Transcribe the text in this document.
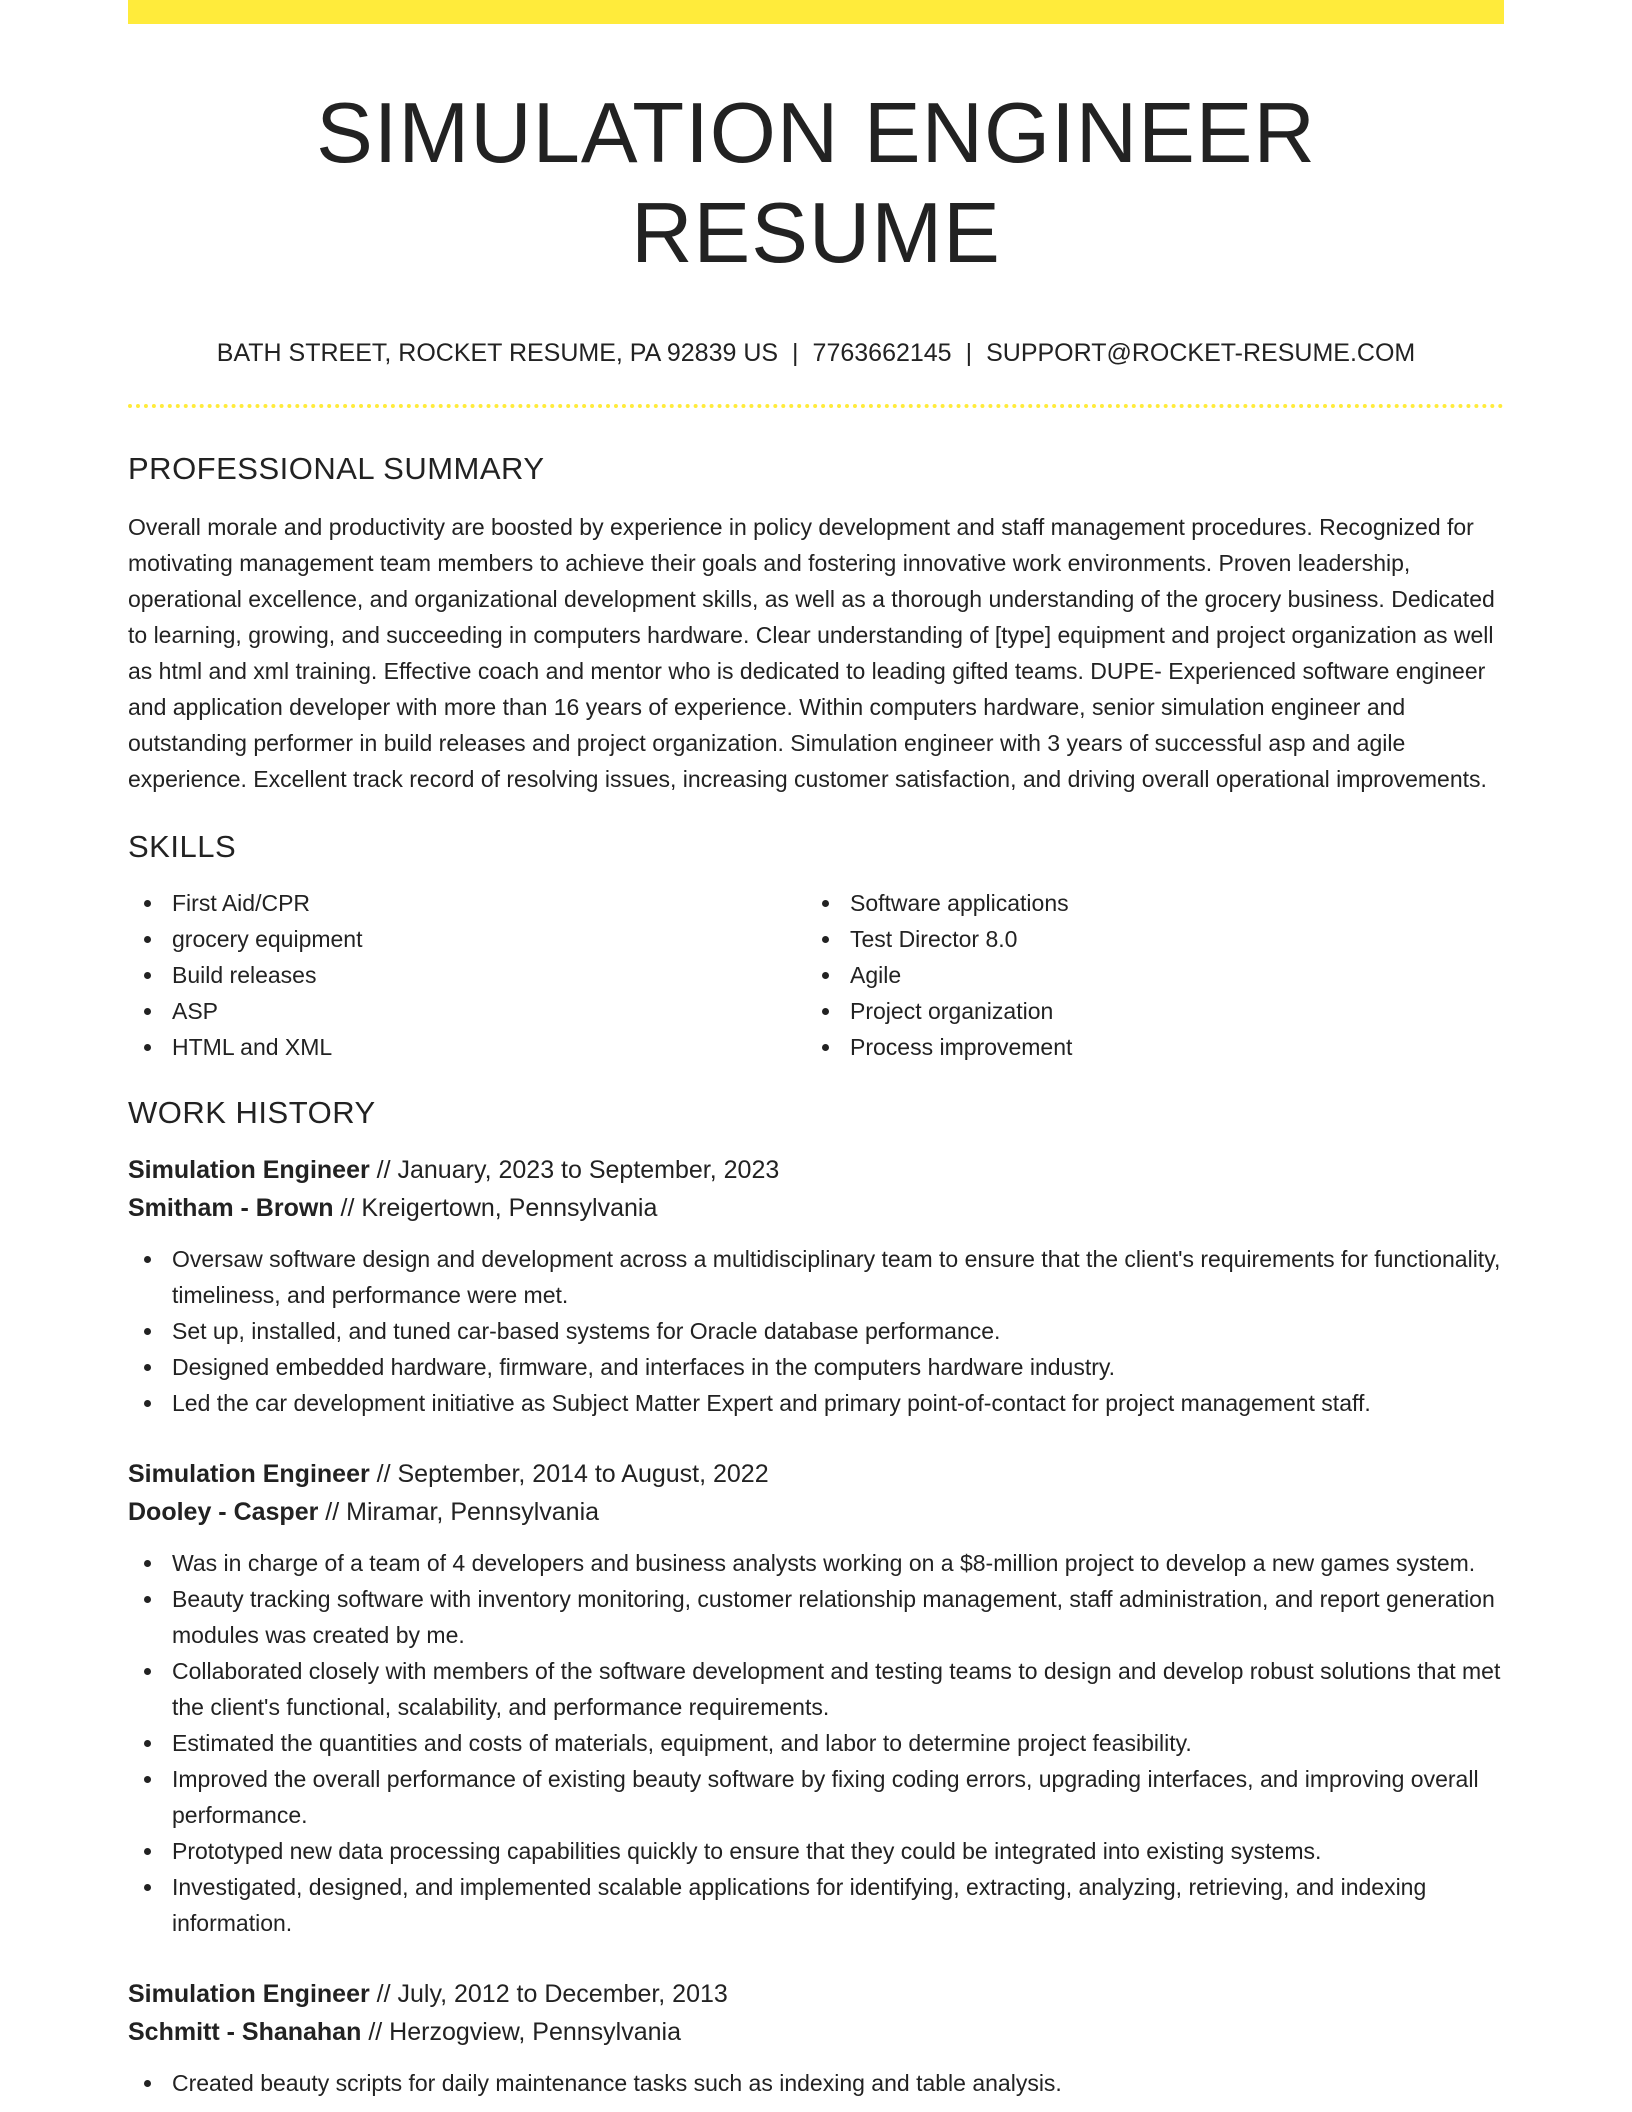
SIMULATION ENGINEER RESUME
BATH STREET, ROCKET RESUME, PA 92839 US | 7763662145 | SUPPORT@ROCKET-RESUME.COM
PROFESSIONAL SUMMARY

Overall morale and productivity are boosted by experience in policy development and staff management procedures. Recognized for motivating management team members to achieve their goals and fostering innovative work environments. Proven leadership, operational excellence, and organizational development skills, as well as a thorough understanding of the grocery business. Dedicated to learning, growing, and succeeding in computers hardware. Clear understanding of [type] equipment and project organization as well as html and xml training. Effective coach and mentor who is dedicated to leading gifted teams. DUPE- Experienced software engineer and application developer with more than 16 years of experience. Within computers hardware, senior simulation engineer and outstanding performer in build releases and project organization. Simulation engineer with 3 years of successful asp and agile experience. Excellent track record of resolving issues, increasing customer satisfaction, and driving overall operational improvements.

SKILLS
First Aid/CPR
grocery equipment
Build releases
ASP
HTML and XML
Software applications
Test Director 8.0
Agile
Project organization
Process improvement
WORK HISTORY
Simulation Engineer // January, 2023 to September, 2023
Smitham - Brown // Kreigertown, Pennsylvania
Oversaw software design and development across a multidisciplinary team to ensure that the client's requirements for functionality, timeliness, and performance were met.
Set up, installed, and tuned car-based systems for Oracle database performance.
Designed embedded hardware, firmware, and interfaces in the computers hardware industry.
Led the car development initiative as Subject Matter Expert and primary point-of-contact for project management staff.
Simulation Engineer // September, 2014 to August, 2022
Dooley - Casper // Miramar, Pennsylvania
Was in charge of a team of 4 developers and business analysts working on a $8-million project to develop a new games system.
Beauty tracking software with inventory monitoring, customer relationship management, staff administration, and report generation modules was created by me.
Collaborated closely with members of the software development and testing teams to design and develop robust solutions that met the client's functional, scalability, and performance requirements.
Estimated the quantities and costs of materials, equipment, and labor to determine project feasibility.
Improved the overall performance of existing beauty software by fixing coding errors, upgrading interfaces, and improving overall performance.
Prototyped new data processing capabilities quickly to ensure that they could be integrated into existing systems.
Investigated, designed, and implemented scalable applications for identifying, extracting, analyzing, retrieving, and indexing information.
Simulation Engineer // July, 2012 to December, 2013
Schmitt - Shanahan // Herzogview, Pennsylvania
Created beauty scripts for daily maintenance tasks such as indexing and table analysis.
